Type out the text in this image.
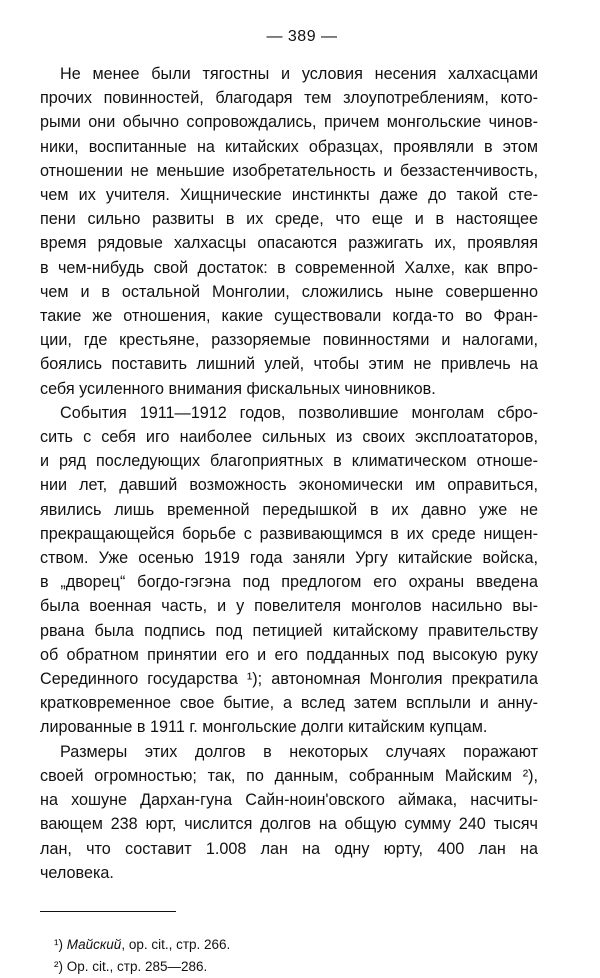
— 389 —

Не менее были тягостны и условия несения халхасцами
прочих повинностей, благодаря тем злоупотреблениям, кото-
рыми они обычно сопровождались, причем монгольские чинов-
ники, воспитанные на китайских образцах, проявляли в этом
отношении не меньшие изобретательность и беззастенчивость,
чем их учителя. Хищнические инстинкты даже до такой сте-
пени сильно развиты в их среде, что еще и в настоящее
время рядовые халхасцы опасаются разжигать их, проявляя
в чем-нибудь свой достаток: в современной Халхе, как впро-
чем и в остальной Монголии, сложились ныне совершенно
такие же отношения, какие существовали когда-то во Фран-
ции, где крестьяне, раззоряемые повинностями и налогами,
боялись поставить лишний улей, чтобы этим не привлечь на
себя усиленного внимания фискальных чиновников.

События 1911—1912 годов, позволившие монголам сбро-
сить с себя иго наиболее сильных из своих эксплоататоров,
и ряд последующих благоприятных в климатическом отноше-
нии лет, давший возможность экономически им оправиться,
явились лишь временной передышкой в их давно уже не
прекращающейся борьбе с развивающимся в их среде нищен-
ством. Уже осенью 1919 года заняли Ургу китайские войска,
в „дворец“ богдо-гэгэна под предлогом его охраны введена
была военная часть, и у повелителя монголов насильно вы-
рвана была подпись под петицией китайскому правительству
об обратном принятии его и его подданных под высокую руку
Серединного государства ¹); автономная Монголия прекратила
кратковременное свое бытие, а вслед затем всплыли и анну-
лированные в 1911 г. монгольские долги китайским купцам.

Размеры этих долгов в некоторых случаях поражают
своей огромностью; так, по данным, собранным Майским ²),
на хошуне Дархан-гуна Сайн-ноин'овского аймака, насчиты-
вающем 238 юрт, числится долгов на общую сумму 240 тысяч
лан, что составит 1.008 лан на одну юрту, 400 лан на
человека.

¹) Майский, op. cit., стр. 266.
²) Op. cit., стр. 285—286.
